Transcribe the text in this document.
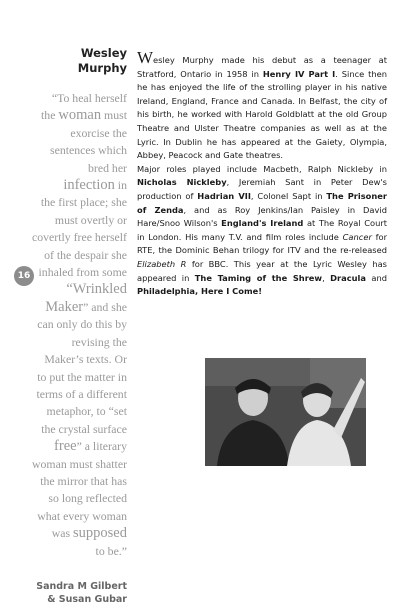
16
Wesley
Murphy
“To heal herself
the woman must
exorcise the
sentences which
bred her
infection in
the first place; she
must overtly or
covertly free herself
of the despair she
inhaled from some
“Wrinkled
Maker” and she
can only do this by
revising the
Maker’s texts. Or
to put the matter in
terms of a different
metaphor, to “set
the crystal surface
free” a literary
woman must shatter
the mirror that has
so long reflected
what every woman
was supposed
to be.”
Sandra M Gilbert
& Susan Gubar

Wesley Murphy made his debut as a teenager at Stratford, Ontario in 1958 in Henry IV Part I. Since then he has enjoyed the life of the strolling player in his native Ireland, England, France and Canada. In Belfast, the city of his birth, he worked with Harold Goldblatt at the old Group Theatre and Ulster Theatre companies as well as at the Lyric. In Dublin he has appeared at the Gaiety, Olympia, Abbey, Peacock and Gate theatres.

Major roles played include Macbeth, Ralph Nickleby in Nicholas Nickleby, Jeremiah Sant in Peter Dew's production of Hadrian VII, Colonel Sapt in The Prisoner of Zenda, and as Roy Jenkins/Ian Paisley in David Hare/Snoo Wilson's England's Ireland at The Royal Court in London. His many T.V. and film roles include Cancer for RTE, the Dominic Behan trilogy for ITV and the re-released Elizabeth R for BBC. This year at the Lyric Wesley has appeared in The Taming of the Shrew, Dracula and Philadelphia, Here I Come!
